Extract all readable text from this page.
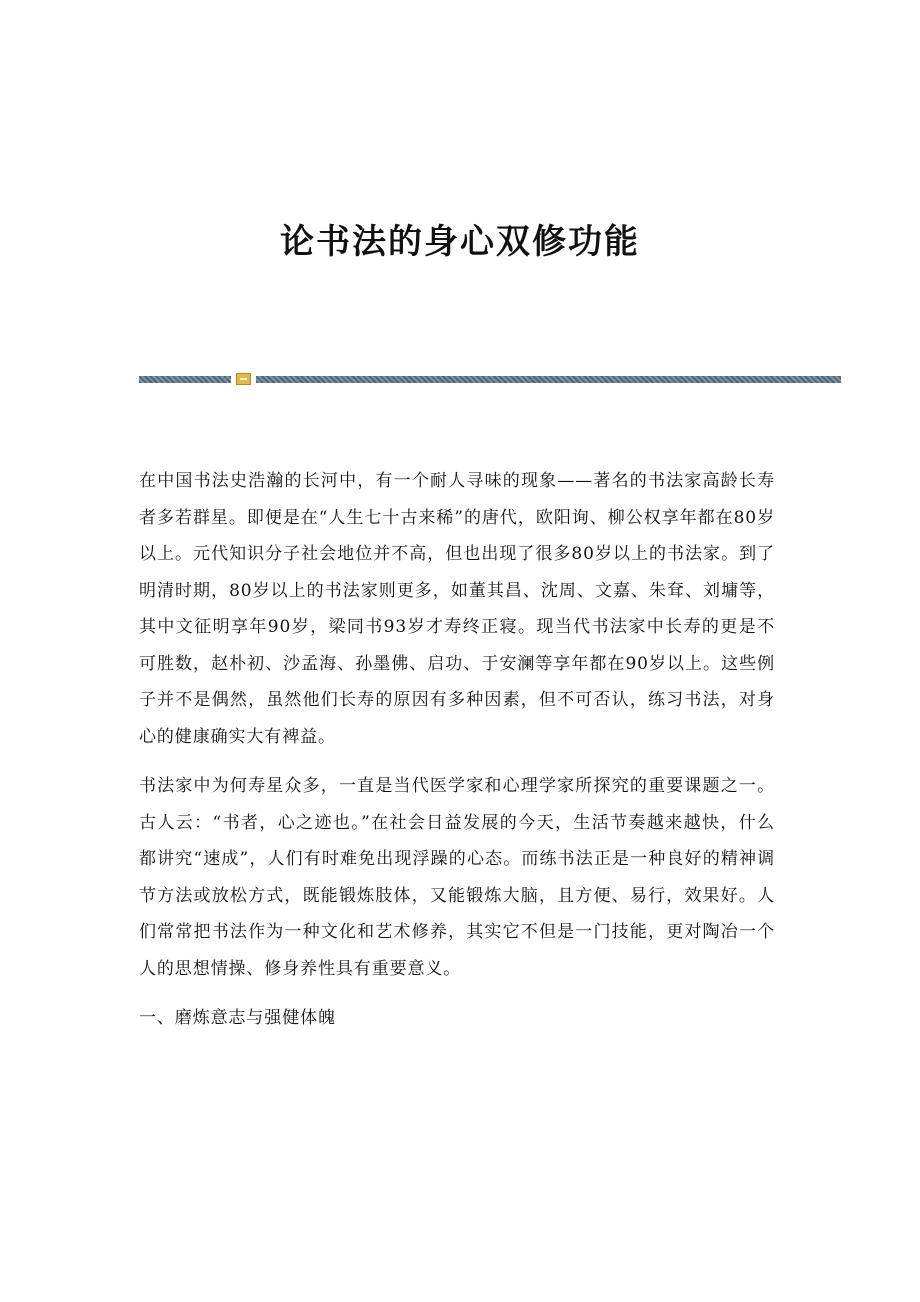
论书法的身心双修功能

在中国书法史浩瀚的长河中，有一个耐人寻味的现象——著名的书法家高龄长寿者多若群星。即便是在“人生七十古来稀”的唐代，欧阳询、柳公权享年都在80岁以上。元代知识分子社会地位并不高，但也出现了很多80岁以上的书法家。到了明清时期，80岁以上的书法家则更多，如董其昌、沈周、文嘉、朱耷、刘墉等，其中文征明享年90岁，梁同书93岁才寿终正寝。现当代书法家中长寿的更是不可胜数，赵朴初、沙孟海、孙墨佛、启功、于安澜等享年都在90岁以上。这些例子并不是偶然，虽然他们长寿的原因有多种因素，但不可否认，练习书法，对身心的健康确实大有裨益。

书法家中为何寿星众多，一直是当代医学家和心理学家所探究的重要课题之一。古人云：“书者，心之迹也。”在社会日益发展的今天，生活节奏越来越快，什么都讲究“速成”，人们有时难免出现浮躁的心态。而练书法正是一种良好的精神调节方法或放松方式，既能锻炼肢体，又能锻炼大脑，且方便、易行，效果好。人们常常把书法作为一种文化和艺术修养，其实它不但是一门技能，更对陶冶一个人的思想情操、修身养性具有重要意义。

一、磨炼意志与强健体魄
